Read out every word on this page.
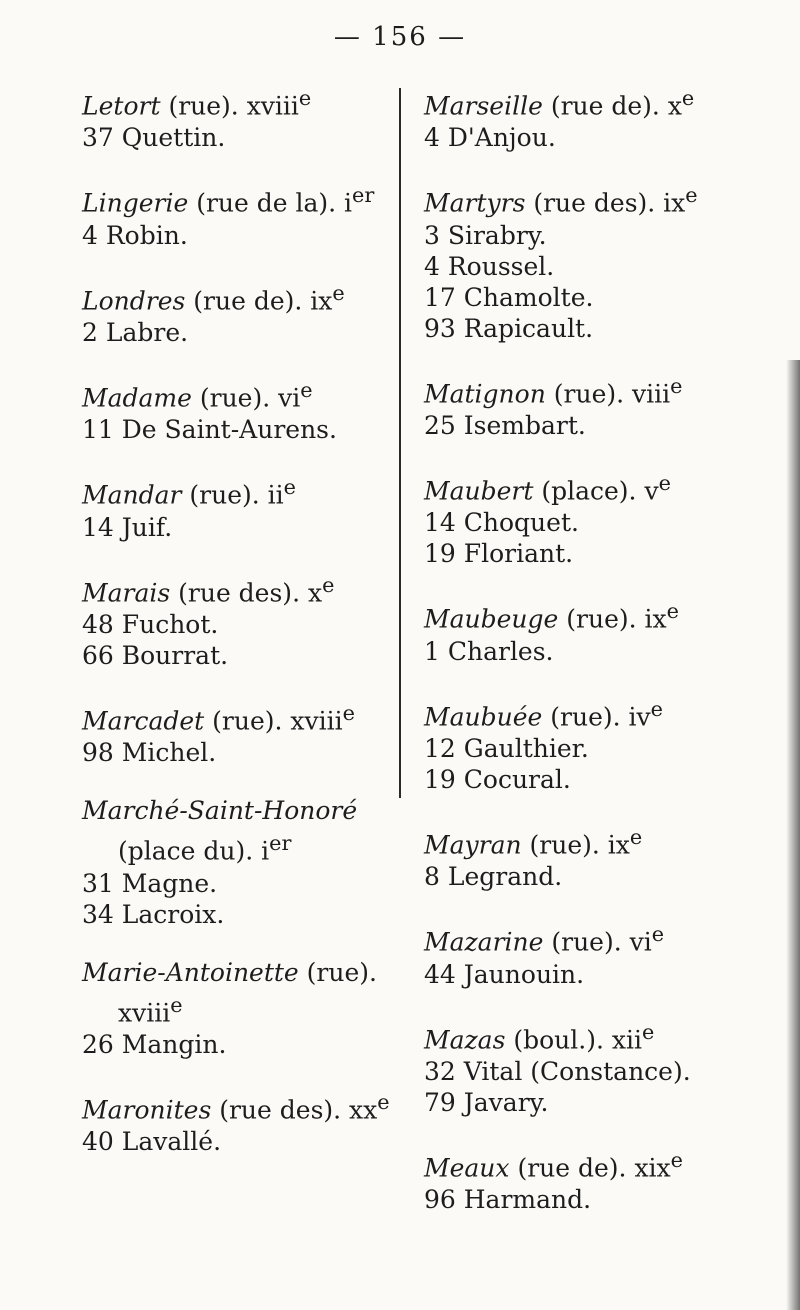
— 156 —
Letort (rue). xviii$^e$
37 Quettin.
Lingerie (rue de la). $i^{er}$
4 Robin.
Londres (rue de). $ix^e$
2 Labre.
Madame (rue). $vi^e$
11 De Saint-Aurens.
Mandar (rue). $ii^e$
14 Juif.
Marais (rue des). $x^e$
48 Fuchot.
66 Bourrat.
Marcadet (rue). xviii$^e$
98 Michel.
Marché-Saint-Honoré
(place du). $i^{er}$
31 Magne.
34 Lacroix.
Marie-Antoinette (rue).
xviii$^e$
26 Mangin.
Maronites (rue des). $xx^e$
40 Lavallé.
Marseille (rue de). $x^e$
4 D'Anjou.
Martyrs (rue des). $ix^e$
3 Sirabry.
4 Roussel.
17 Chamolte.
93 Rapicault.
Matignon (rue). viii$^e$
25 Isembart.
Maubert (place). $v^e$
14 Choquet.
19 Floriant.
Maubeuge (rue). $ix^e$
1 Charles.
Maubuée (rue). $iv^e$
12 Gaulthier.
19 Cocural.
Mayran (rue). $ix^e$
8 Legrand.
Mazarine (rue). $vi^e$
44 Jaunouin.
Mazas (boul.). xii$^e$
32 Vital (Constance).
79 Javary.
Meaux (rue de). xix$^e$
96 Harmand.
